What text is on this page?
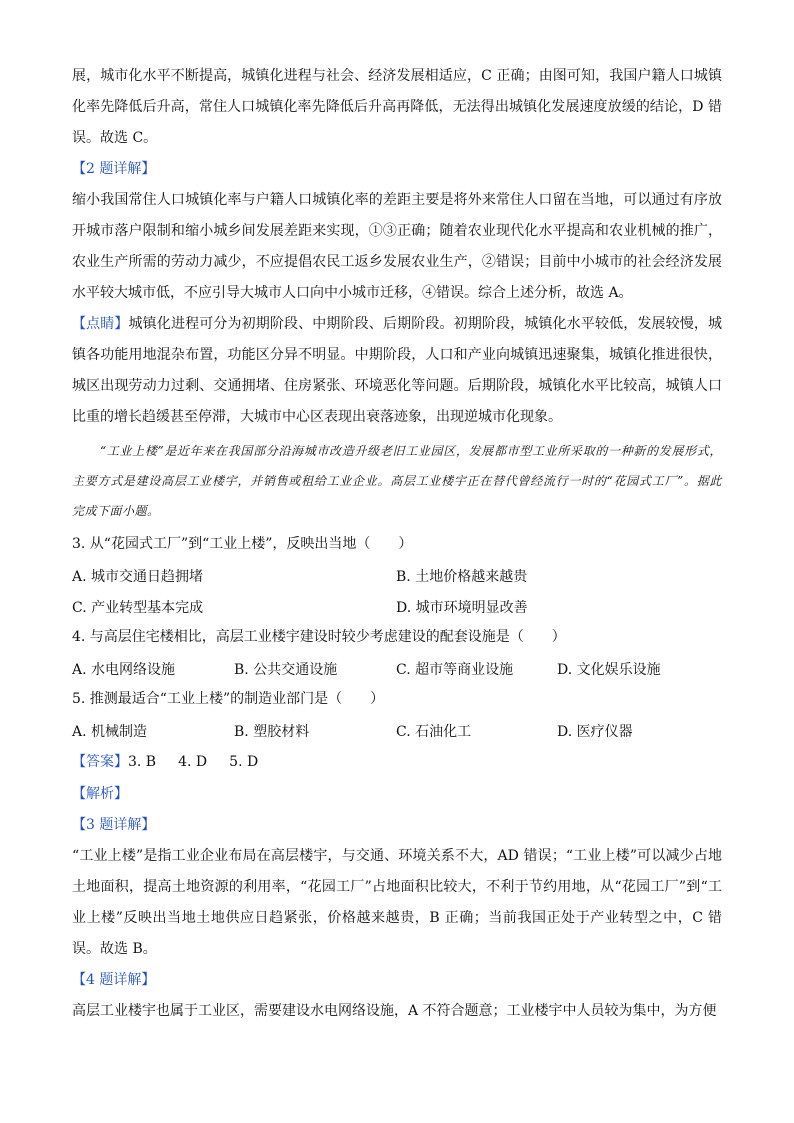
展，城市化水平不断提高，城镇化进程与社会、经济发展相适应，C 正确；由图可知，我国户籍人口城镇化率先降低后升高，常住人口城镇化率先降低后升高再降低，无法得出城镇化发展速度放缓的结论，D 错误。故选 C。

【2 题详解】

缩小我国常住人口城镇化率与户籍人口城镇化率的差距主要是将外来常住人口留在当地，可以通过有序放开城市落户限制和缩小城乡间发展差距来实现，①③正确；随着农业现代化水平提高和农业机械的推广，农业生产所需的劳动力减少，不应提倡农民工返乡发展农业生产，②错误；目前中小城市的社会经济发展水平较大城市低，不应引导大城市人口向中小城市迁移，④错误。综合上述分析，故选 A。

【点睛】城镇化进程可分为初期阶段、中期阶段、后期阶段。初期阶段，城镇化水平较低，发展较慢，城镇各功能用地混杂布置，功能区分异不明显。中期阶段，人口和产业向城镇迅速聚集，城镇化推进很快，城区出现劳动力过剩、交通拥堵、住房紧张、环境恶化等问题。后期阶段，城镇化水平比较高，城镇人口比重的增长趋缓甚至停滞，大城市中心区表现出衰落迹象，出现逆城市化现象。

“工业上楼”是近年来在我国部分沿海城市改造升级老旧工业园区，发展都市型工业所采取的一种新的发展形式，主要方式是建设高层工业楼宇，并销售或租给工业企业。高层工业楼宇正在替代曾经流行一时的“花园式工厂”。据此完成下面小题。

3. 从“花园式工厂”到“工业上楼”，反映出当地（　　）

A. 城市交通日趋拥堵	B. 土地价格越来越贵
C. 产业转型基本完成	D. 城市环境明显改善

4. 与高层住宅楼相比，高层工业楼宇建设时较少考虑建设的配套设施是（　　）

A. 水电网络设施	B. 公共交通设施	C. 超市等商业设施	D. 文化娱乐设施

5. 推测最适合“工业上楼”的制造业部门是（　　）

A. 机械制造	B. 塑胶材料	C. 石油化工	D. 医疗仪器

【答案】3. B 4. D 5. D

【解析】

【3 题详解】

“工业上楼”是指工业企业布局在高层楼宇，与交通、环境关系不大，AD 错误；“工业上楼”可以减少占地土地面积，提高土地资源的利用率，“花园工厂”占地面积比较大，不利于节约用地，从“花园工厂”到“工业上楼”反映出当地土地供应日趋紧张，价格越来越贵，B 正确；当前我国正处于产业转型之中，C 错误。故选 B。

【4 题详解】

高层工业楼宇也属于工业区，需要建设水电网络设施，A 不符合题意；工业楼宇中人员较为集中，为方便
